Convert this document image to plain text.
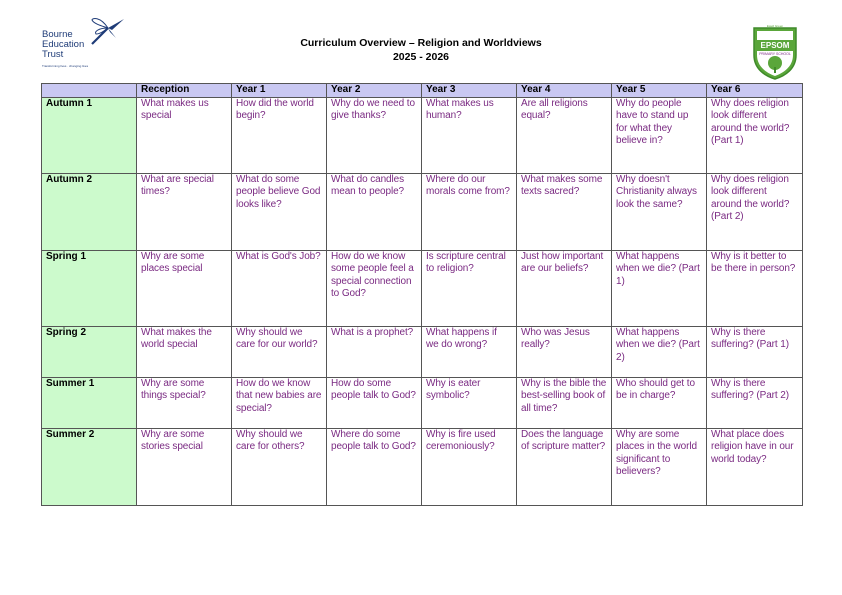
Bourne
Education
Trust
Transforming lives · changing lives
Curriculum Overview – Religion and Worldviews
2025 - 2026
EPSOM
PRIMARY SCHOOL
Ewell Green
	Reception	Year 1	Year 2	Year 3	Year 4	Year 5	Year 6
Autumn 1	What makes us special	How did the world begin?	Why do we need to give thanks?	What makes us human?	Are all religions equal?	Why do people have to stand up for what they believe in?	Why does religion look different around the world? (Part 1)
Autumn 2	What are special times?	What do some people believe God looks like?	What do candles mean to people?	Where do our morals come from?	What makes some texts sacred?	Why doesn't Christianity always look the same?	Why does religion look different around the world? (Part 2)
Spring 1	Why are some places special	What is God's Job?	How do we know some people feel a special connection to God?	Is scripture central to religion?	Just how important are our beliefs?	What happens when we die? (Part 1)	Why is it better to be there in person?
Spring 2	What makes the world special	Why should we care for our world?	What is a prophet?	What happens if we do wrong?	Who was Jesus really?	What happens when we die? (Part 2)	Why is there suffering? (Part 1)
Summer 1	Why are some things special?	How do we know that new babies are special?	How do some people talk to God?	Why is eater symbolic?	Why is the bible the best-selling book of all time?	Who should get to be in charge?	Why is there suffering? (Part 2)
Summer 2	Why are some stories special	Why should we care for others?	Where do some people talk to God?	Why is fire used ceremoniously?	Does the language of scripture matter?	Why are some places in the world significant to believers?	What place does religion have in our world today?
